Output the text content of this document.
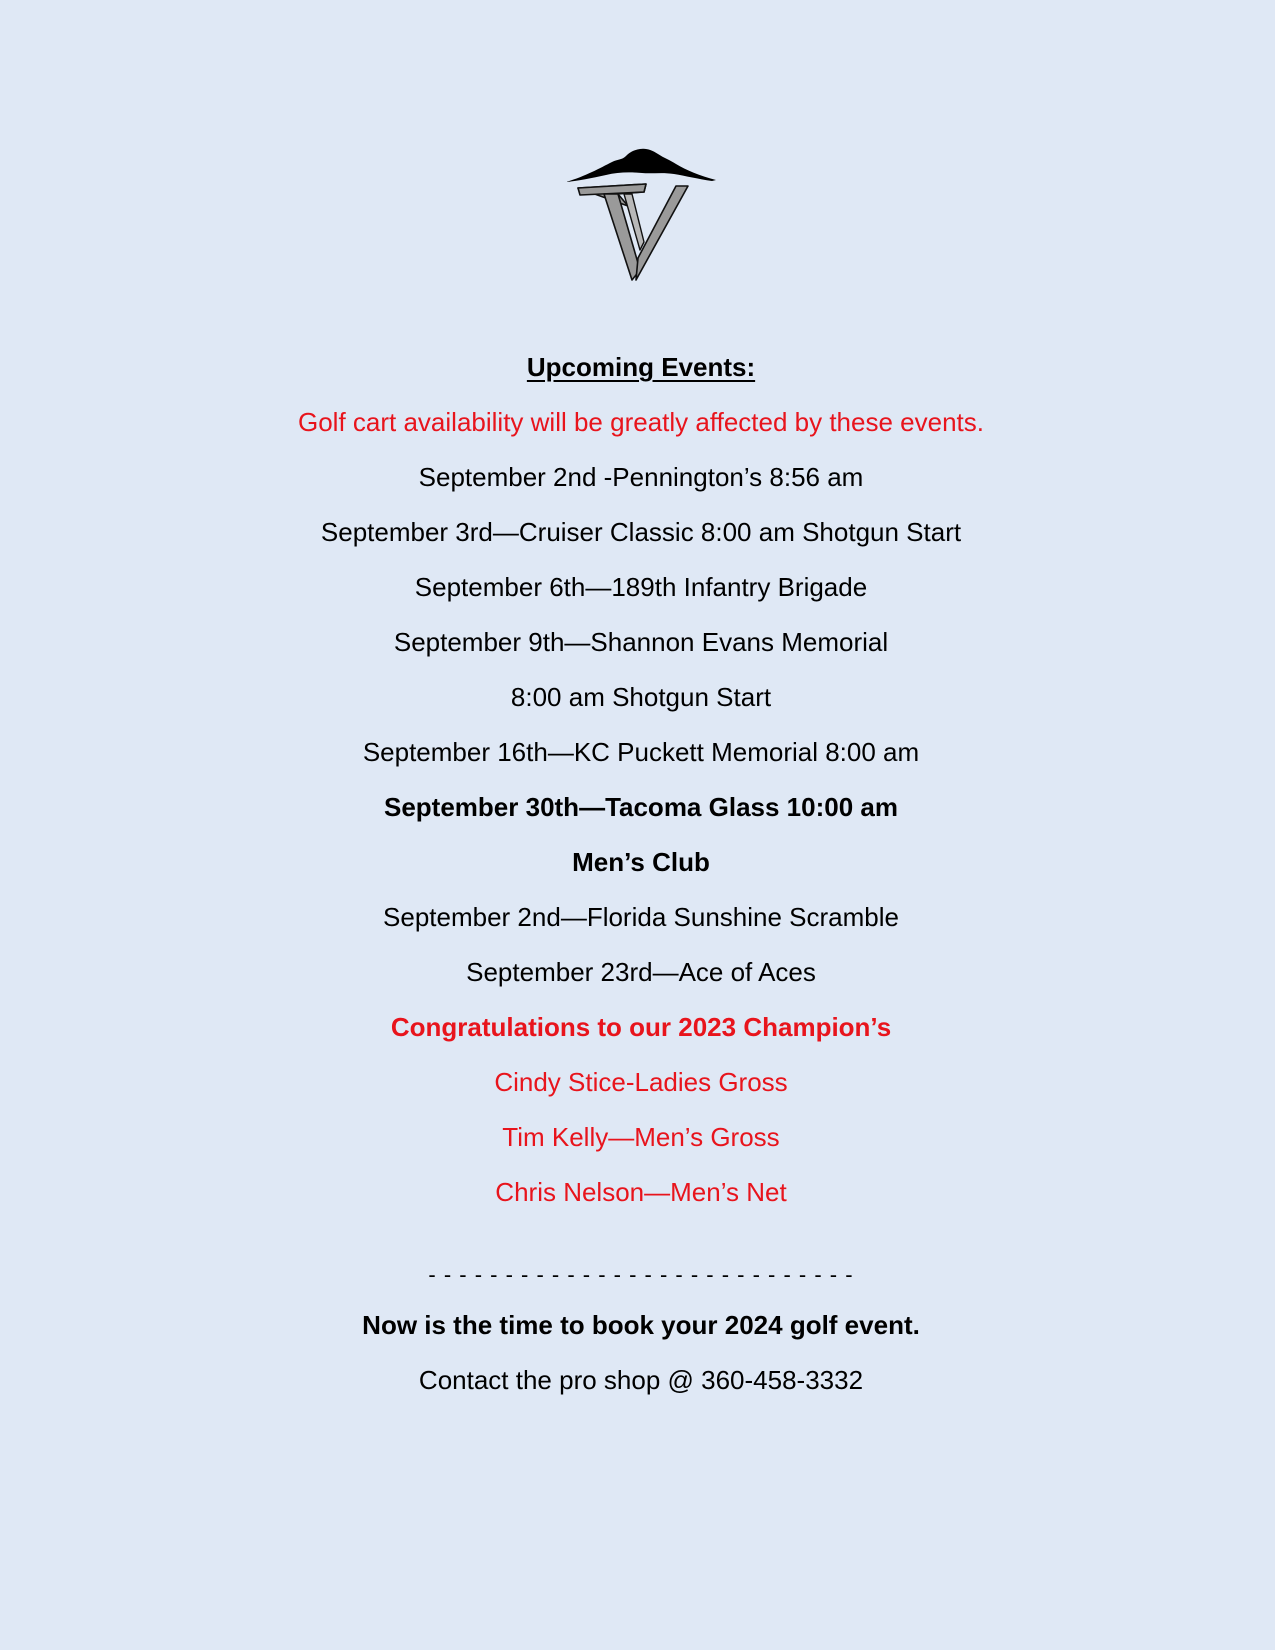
Upcoming Events:
Golf cart availability will be greatly affected by these events.
September 2nd -Pennington’s 8:56 am
September 3rd—Cruiser Classic 8:00 am Shotgun Start
September 6th—189th Infantry Brigade
September 9th—Shannon Evans Memorial
8:00 am Shotgun Start
September 16th—KC Puckett Memorial 8:00 am
September 30th—Tacoma Glass 10:00 am
Men’s Club
September 2nd—Florida Sunshine Scramble
September 23rd—Ace of Aces
Congratulations to our 2023 Champion’s
Cindy Stice-Ladies Gross
Tim Kelly—Men’s Gross
Chris Nelson—Men’s Net
- - - - - - - - - - - - - - - - - - - - - - - - - - - -
Now is the time to book your 2024 golf event.
Contact the pro shop @ 360-458-3332
